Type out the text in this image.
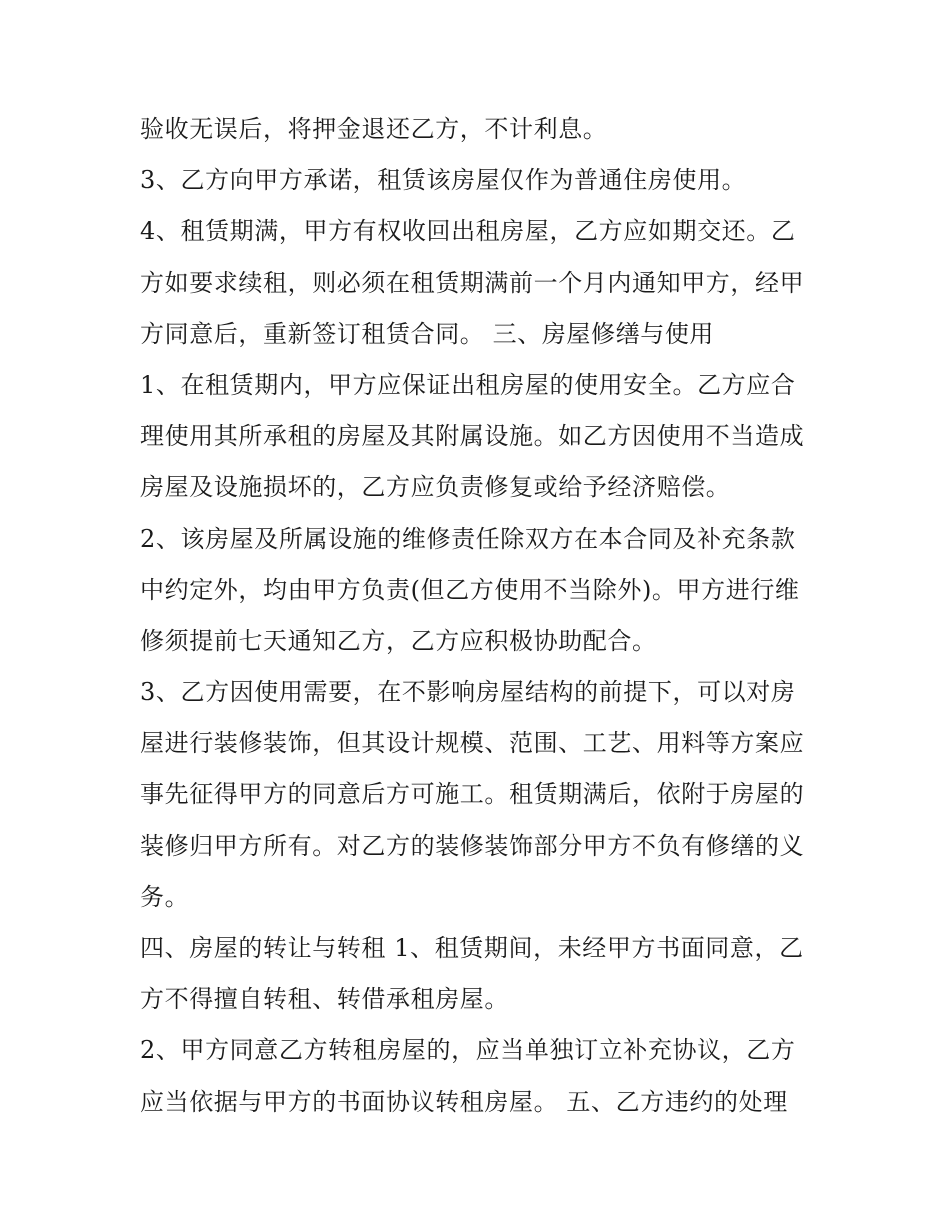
验收无误后，将押金退还乙方，不计利息。
3、乙方向甲方承诺，租赁该房屋仅作为普通住房使用。
4、租赁期满，甲方有权收回出租房屋，乙方应如期交还。乙
方如要求续租，则必须在租赁期满前一个月内通知甲方，经甲
方同意后，重新签订租赁合同。 三、房屋修缮与使用
1、在租赁期内，甲方应保证出租房屋的使用安全。乙方应合
理使用其所承租的房屋及其附属设施。如乙方因使用不当造成
房屋及设施损坏的，乙方应负责修复或给予经济赔偿。
2、该房屋及所属设施的维修责任除双方在本合同及补充条款
中约定外，均由甲方负责(但乙方使用不当除外)。甲方进行维
修须提前七天通知乙方，乙方应积极协助配合。
3、乙方因使用需要，在不影响房屋结构的前提下，可以对房
屋进行装修装饰，但其设计规模、范围、工艺、用料等方案应
事先征得甲方的同意后方可施工。租赁期满后，依附于房屋的
装修归甲方所有。对乙方的装修装饰部分甲方不负有修缮的义
务。
四、房屋的转让与转租 1、租赁期间，未经甲方书面同意，乙
方不得擅自转租、转借承租房屋。
2、甲方同意乙方转租房屋的，应当单独订立补充协议，乙方
应当依据与甲方的书面协议转租房屋。 五、乙方违约的处理
